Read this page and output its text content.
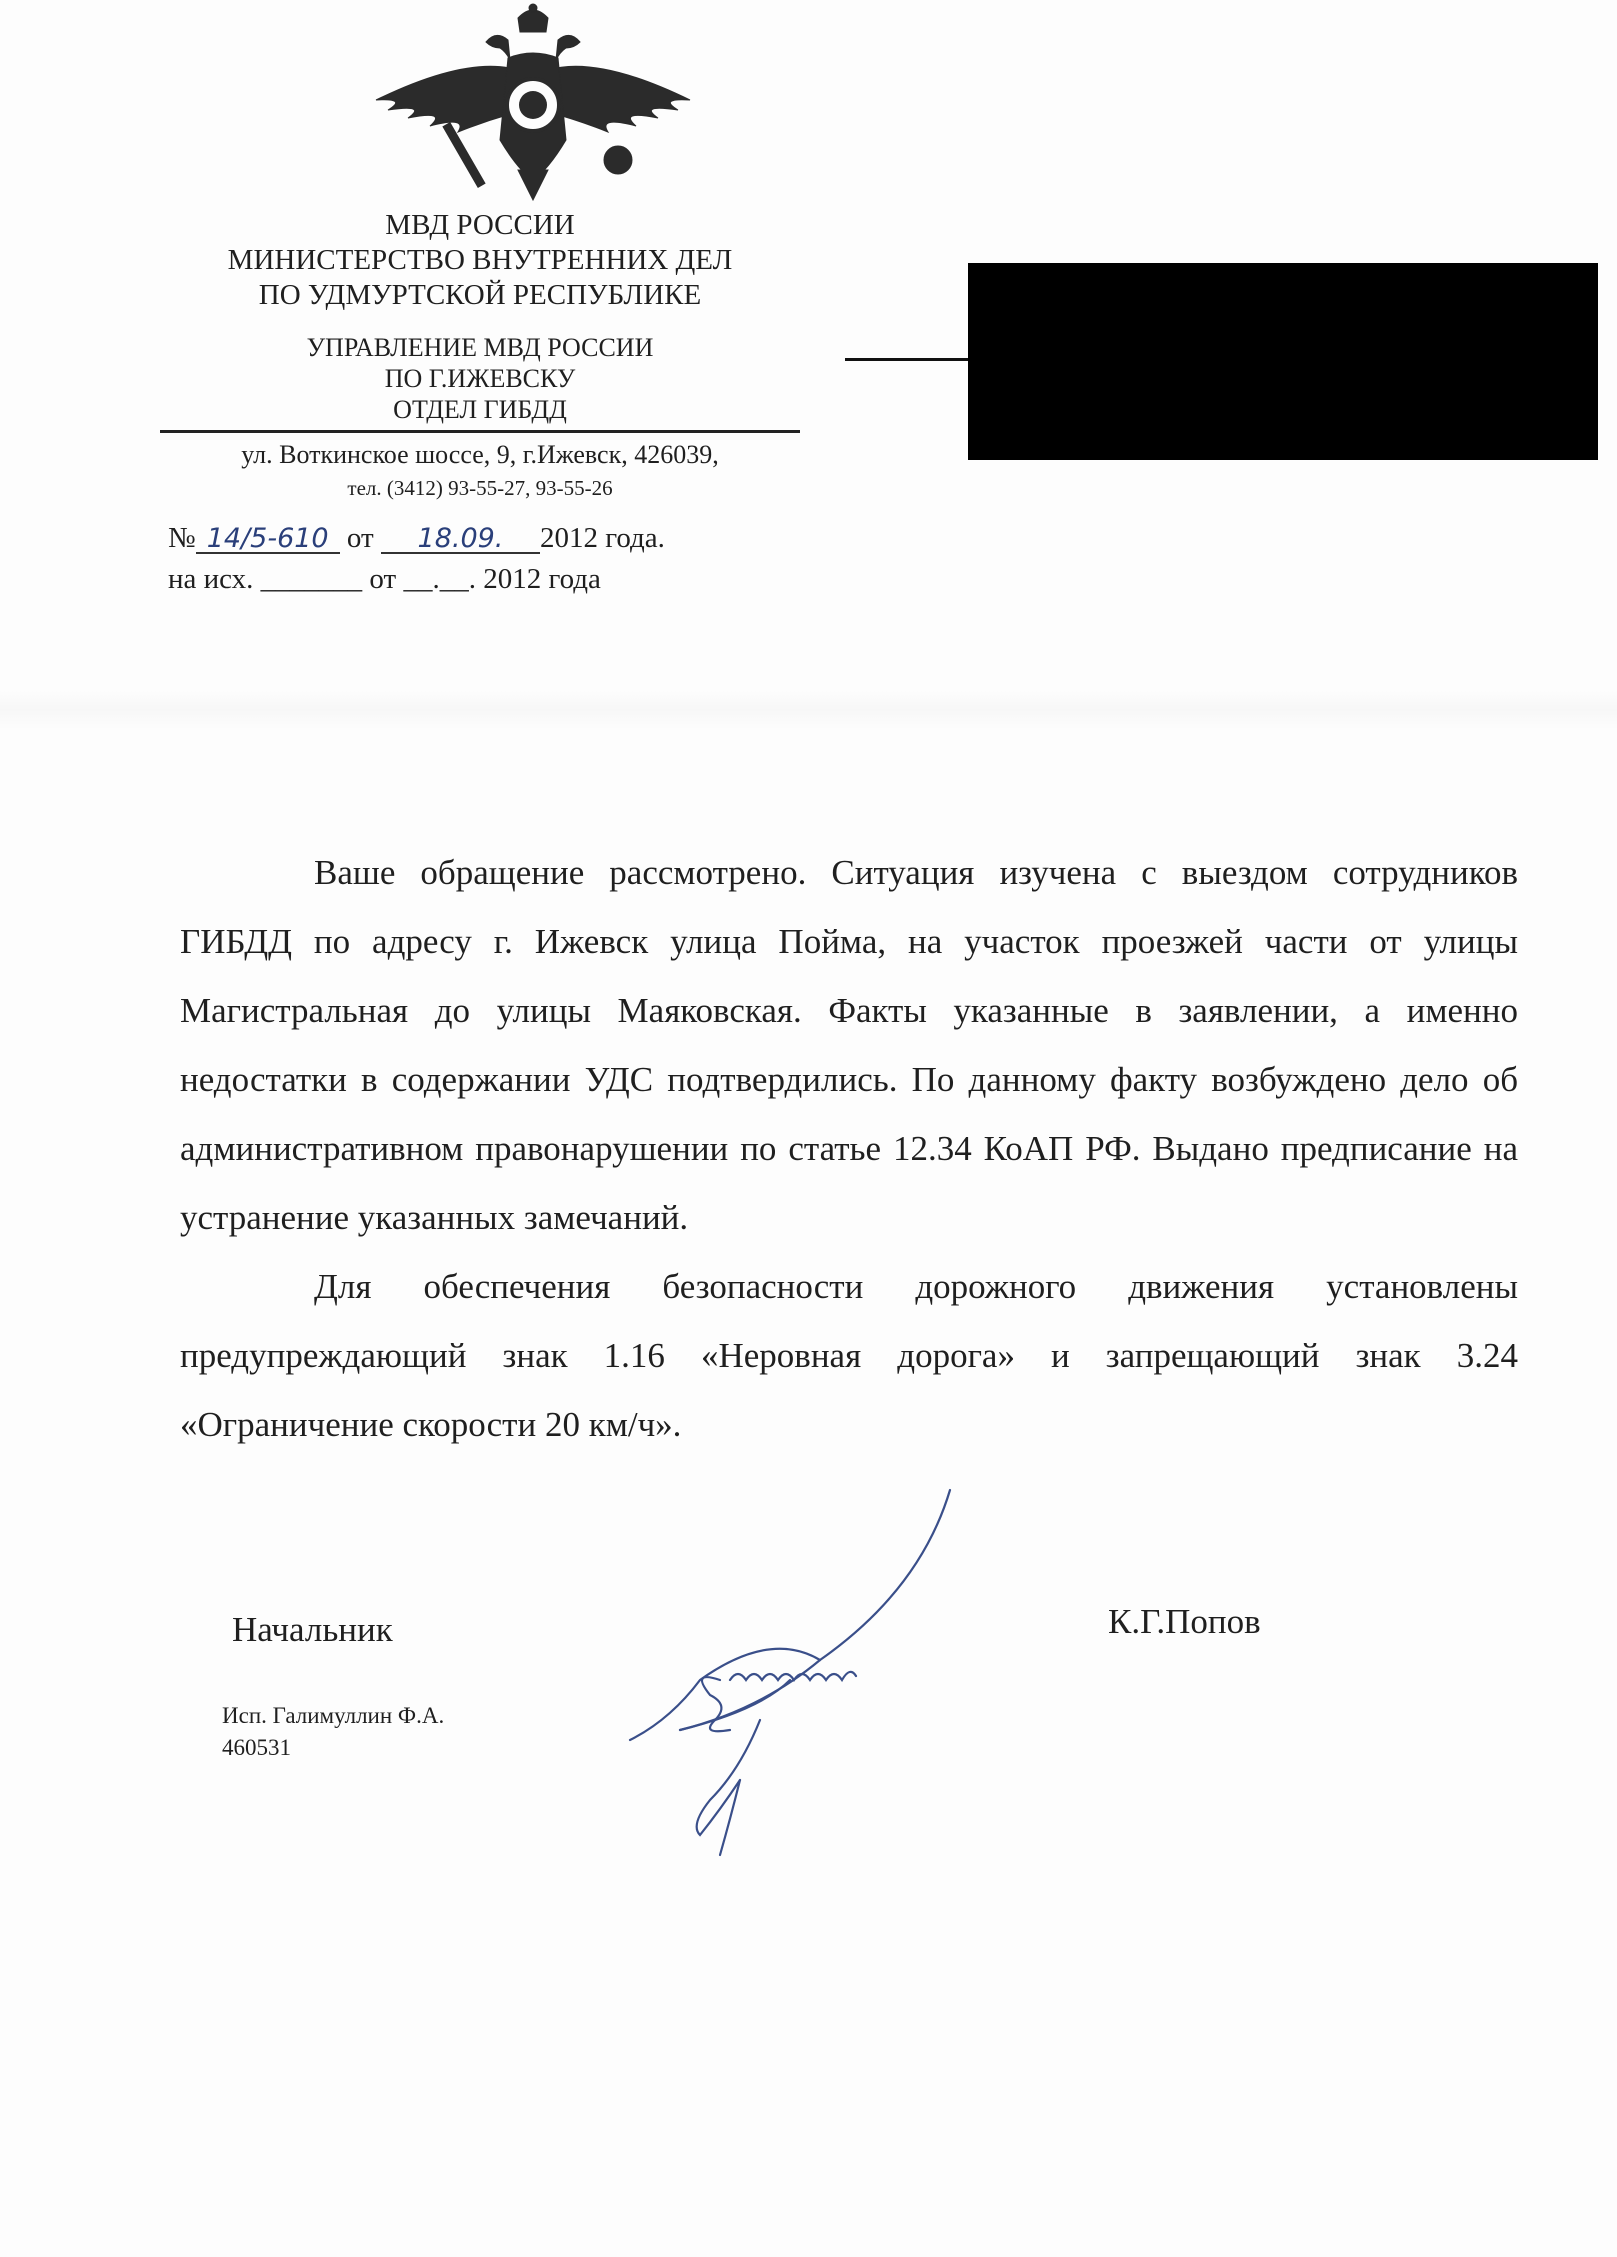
МВД РОССИИ
МИНИСТЕРСТВО ВНУТРЕННИХ ДЕЛ
ПО УДМУРТСКОЙ РЕСПУБЛИКЕ
УПРАВЛЕНИЕ МВД РОССИИ
ПО Г.ИЖЕВСКУ
ОТДЕЛ ГИБДД
ул. Воткинское шоссе, 9, г.Ижевск, 426039,
тел. (3412) 93-55-27, 93-55-26
№ 14/5-610 от 18.09. 2012 года.
на исх. _______ от __.__. 2012 года

Ваше обращение рассмотрено. Ситуация изучена с выездом сотрудников ГИБДД по адресу г. Ижевск улица Пойма, на участок проезжей части от улицы Магистральная до улицы Маяковская. Факты указанные в заявлении, а именно недостатки в содержании УДС подтвердились. По данному факту возбуждено дело об административном правонарушении по статье 12.34 КоАП РФ. Выдано предписание на устранение указанных замечаний.

Для обеспечения безопасности дорожного движения установлены предупреждающий знак 1.16 «Неровная дорога» и запрещающий знак 3.24 «Ограничение скорости 20 км/ч».

Начальник	К.Г.Попов
Исп. Галимуллин Ф.А.
460531
